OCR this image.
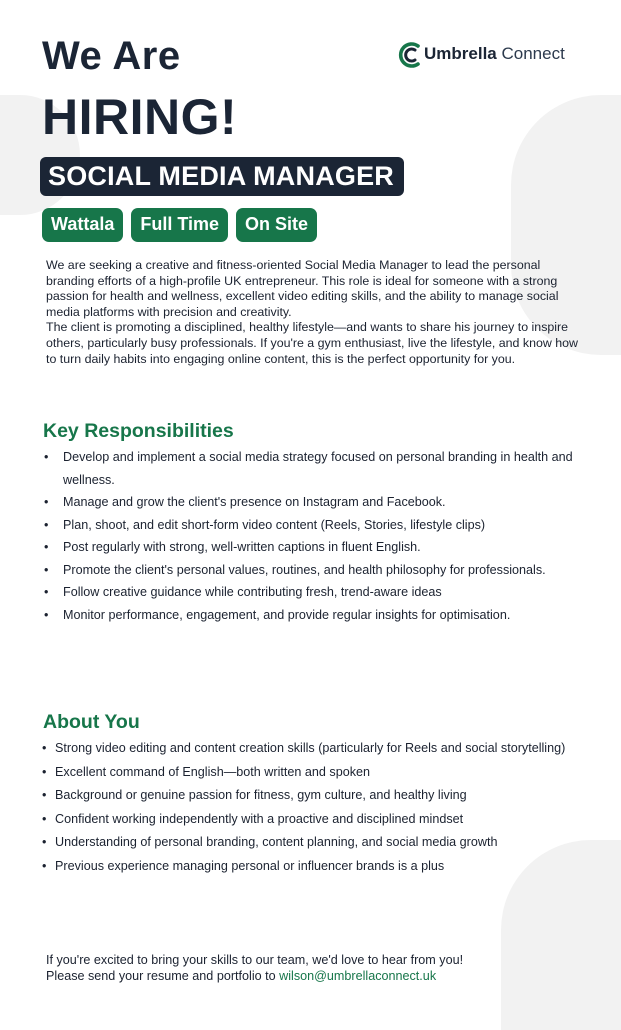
We Are
HIRING!
Umbrella Connect
SOCIAL MEDIA MANAGER
Wattala	Full Time	On Site

We are seeking a creative and fitness-oriented Social Media Manager to lead the personal branding efforts of a high-profile UK entrepreneur. This role is ideal for someone with a strong passion for health and wellness, excellent video editing skills, and the ability to manage social media platforms with precision and creativity.

The client is promoting a disciplined, healthy lifestyle—and wants to share his journey to inspire others, particularly busy professionals. If you're a gym enthusiast, live the lifestyle, and know how to turn daily habits into engaging online content, this is the perfect opportunity for you.

Key Responsibilities
• Develop and implement a social media strategy focused on personal branding in health and wellness.
• Manage and grow the client's presence on Instagram and Facebook.
• Plan, shoot, and edit short-form video content (Reels, Stories, lifestyle clips)
• Post regularly with strong, well-written captions in fluent English.
• Promote the client's personal values, routines, and health philosophy for professionals.
• Follow creative guidance while contributing fresh, trend-aware ideas
• Monitor performance, engagement, and provide regular insights for optimisation.
About You
• Strong video editing and content creation skills (particularly for Reels and social storytelling)
• Excellent command of English—both written and spoken
• Background or genuine passion for fitness, gym culture, and healthy living
• Confident working independently with a proactive and disciplined mindset
• Understanding of personal branding, content planning, and social media growth
• Previous experience managing personal or influencer brands is a plus

If you're excited to bring your skills to our team, we'd love to hear from you!

Please send your resume and portfolio to wilson@umbrellaconnect.uk
